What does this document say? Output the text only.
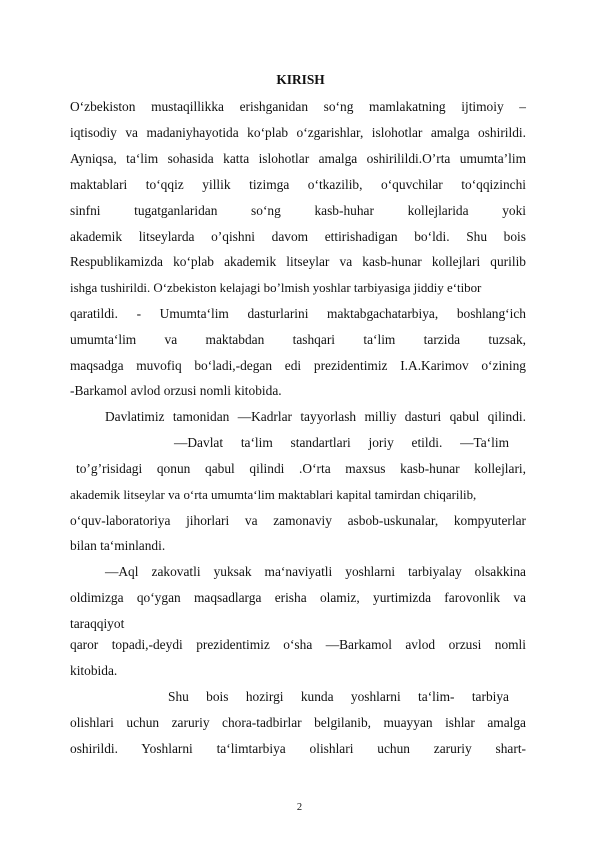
KIRISH
O‘zbekiston mustaqillikka erishganidan so‘ng mamlakatning ijtimoiy –
iqtisodiy va madaniyhayotida ko‘plab o‘zgarishlar, islohotlar amalga oshirildi.
Ayniqsa, ta‘lim sohasida katta islohotlar amalga oshirilildi.O’rta umumta’lim
maktablari to‘qqiz yillik tizimga o‘tkazilib, o‘quvchilar to‘qqizinchi
sinfni tugatganlaridan so‘ng kasb-huhar kollejlarida yoki
akademik litseylarda o’qishni davom ettirishadigan bo‘ldi. Shu bois
Respublikamizda ko‘plab akademik litseylar va kasb-hunar kollejlari qurilib
ishga tushirildi. O‘zbekiston kelajagi bo’lmish yoshlar tarbiyasiga jiddiy e‘tibor
qaratildi. - Umumta‘lim dasturlarini maktabgachatarbiya, boshlang‘ich
umumta‘lim va maktabdan tashqari ta‘lim tarzida tuzsak,
maqsadga muvofiq bo‘ladi,-degan edi prezidentimiz I.A.Karimov o‘zining
-Barkamol avlod orzusi nomli kitobida.
Davlatimiz tamonidan ―Kadrlar tayyorlash milliy dasturi qabul qilindi.
―Davlat ta‘lim standartlari joriy etildi. ―Ta‘lim
to’g’risidagi qonun qabul qilindi .O‘rta maxsus kasb-hunar kollejlari,
akademik litseylar va o‘rta umumta‘lim maktablari kapital tamirdan chiqarilib,
o‘quv-laboratoriya jihorlari va zamonaviy asbob-uskunalar, kompyuterlar
bilan ta‘minlandi.
―Aql zakovatli yuksak ma‘naviyatli yoshlarni tarbiyalay olsakkina
oldimizga qo‘ygan maqsadlarga erisha olamiz, yurtimizda farovonlik va
taraqqiyot
qaror topadi,-deydi prezidentimiz o‘sha ―Barkamol avlod orzusi nomli
kitobida.
Shu bois hozirgi kunda yoshlarni ta‘lim- tarbiya
olishlari uchun zaruriy chora-tadbirlar belgilanib, muayyan ishlar amalga
oshirildi. Yoshlarni ta‘limtarbiya olishlari uchun zaruriy shart-
2
